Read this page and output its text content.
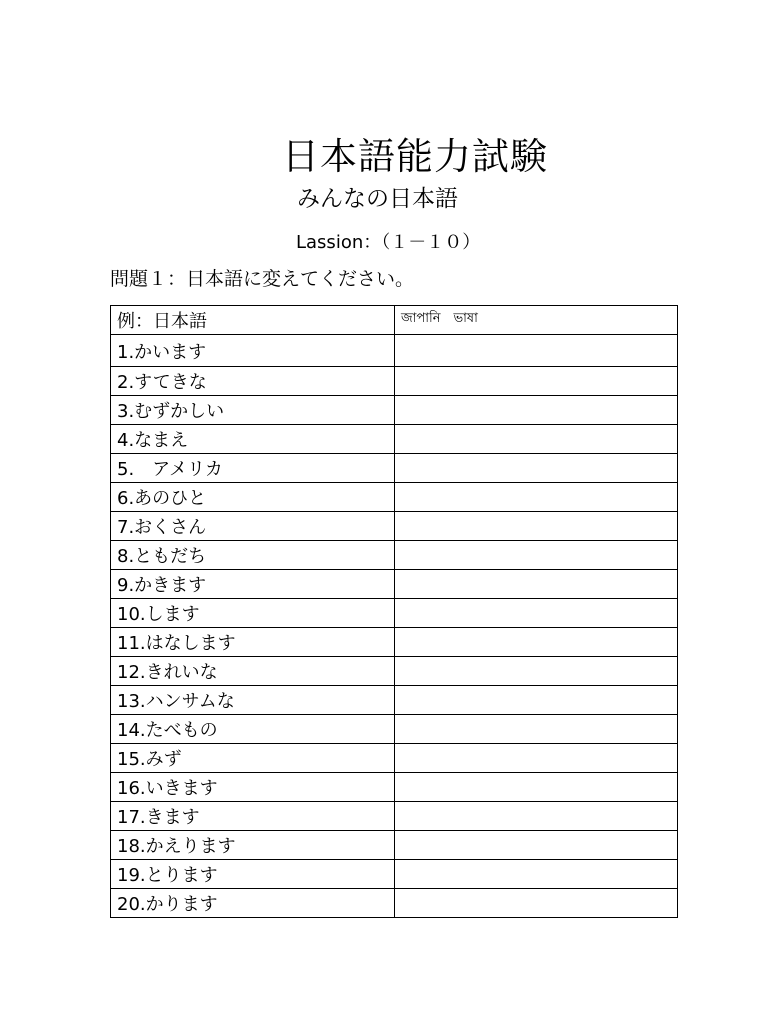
日本語能力試験
みんなの日本語
Lassion：（１－１０）
問題１：日本語に変えてください。
例：日本語	জাপানি　ভাষা
1.かいます	
2.すてきな	
3.むずかしい	
4.なまえ	
5.　アメリカ	
6.あのひと	
7.おくさん	
8.ともだち	
9.かきます	
10.します	
11.はなします	
12.きれいな	
13.ハンサムな	
14.たべもの	
15.みず	
16.いきます	
17.きます	
18.かえります	
19.とります	
20.かります	
